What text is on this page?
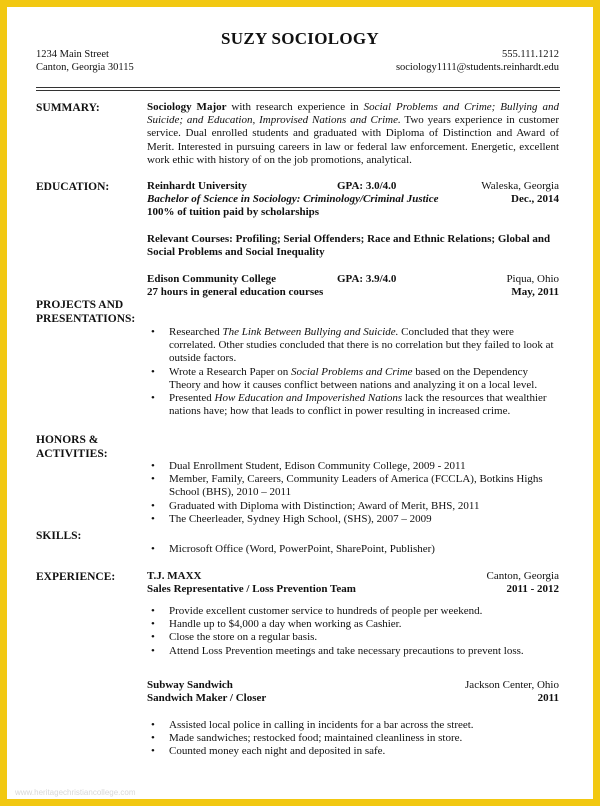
SUZY SOCIOLOGY
1234 Main Street
Canton, Georgia 30115
555.111.1212
sociology1111@students.reinhardt.edu
SUMMARY:	Sociology Major with research experience in Social Problems and Crime; Bullying and Suicide; and Education, Improvised Nations and Crime. Two years experience in customer service. Dual enrolled students and graduated with Diploma of Distinction and Award of Merit. Interested in pursuing careers in law or federal law enforcement. Energetic, excellent work ethic with history of on the job promotions, analytical.
EDUCATION:	Reinhardt University	GPA: 3.0/4.0	Waleska, Georgia
Bachelor of Science in Sociology: Criminology/Criminal Justice	Dec., 2014
100% of tuition paid by scholarships
Relevant Courses: Profiling; Serial Offenders; Race and Ethnic Relations; Global and Social Problems and Social Inequality
Edison Community College	GPA: 3.9/4.0	Piqua, Ohio
27 hours in general education courses	May, 2011
PROJECTS AND
PRESENTATIONS:
• Researched The Link Between Bullying and Suicide. Concluded that they were correlated. Other studies concluded that there is no correlation but they failed to look at outside factors.
• Wrote a Research Paper on Social Problems and Crime based on the Dependency Theory and how it causes conflict between nations and analyzing it on a local level.
• Presented How Education and Impoverished Nations lack the resources that wealthier nations have; how that leads to conflict in power resulting in increased crime.
HONORS &
ACTIVITIES:
• Dual Enrollment Student, Edison Community College, 2009 - 2011
• Member, Family, Careers, Community Leaders of America (FCCLA), Botkins Highs School (BHS), 2010 – 2011
• Graduated with Diploma with Distinction; Award of Merit, BHS, 2011
• The Cheerleader, Sydney High School, (SHS), 2007 – 2009
SKILLS:
• Microsoft Office (Word, PowerPoint, SharePoint, Publisher)
EXPERIENCE:	T.J. MAXX	Canton, Georgia
Sales Representative / Loss Prevention Team	2011 - 2012
• Provide excellent customer service to hundreds of people per weekend.
• Handle up to $4,000 a day when working as Cashier.
• Close the store on a regular basis.
• Attend Loss Prevention meetings and take necessary precautions to prevent loss.
Subway Sandwich	Jackson Center, Ohio
Sandwich Maker / Closer	2011
• Assisted local police in calling in incidents for a bar across the street.
• Made sandwiches; restocked food; maintained cleanliness in store.
• Counted money each night and deposited in safe.
www.heritagechristiancollege.com
